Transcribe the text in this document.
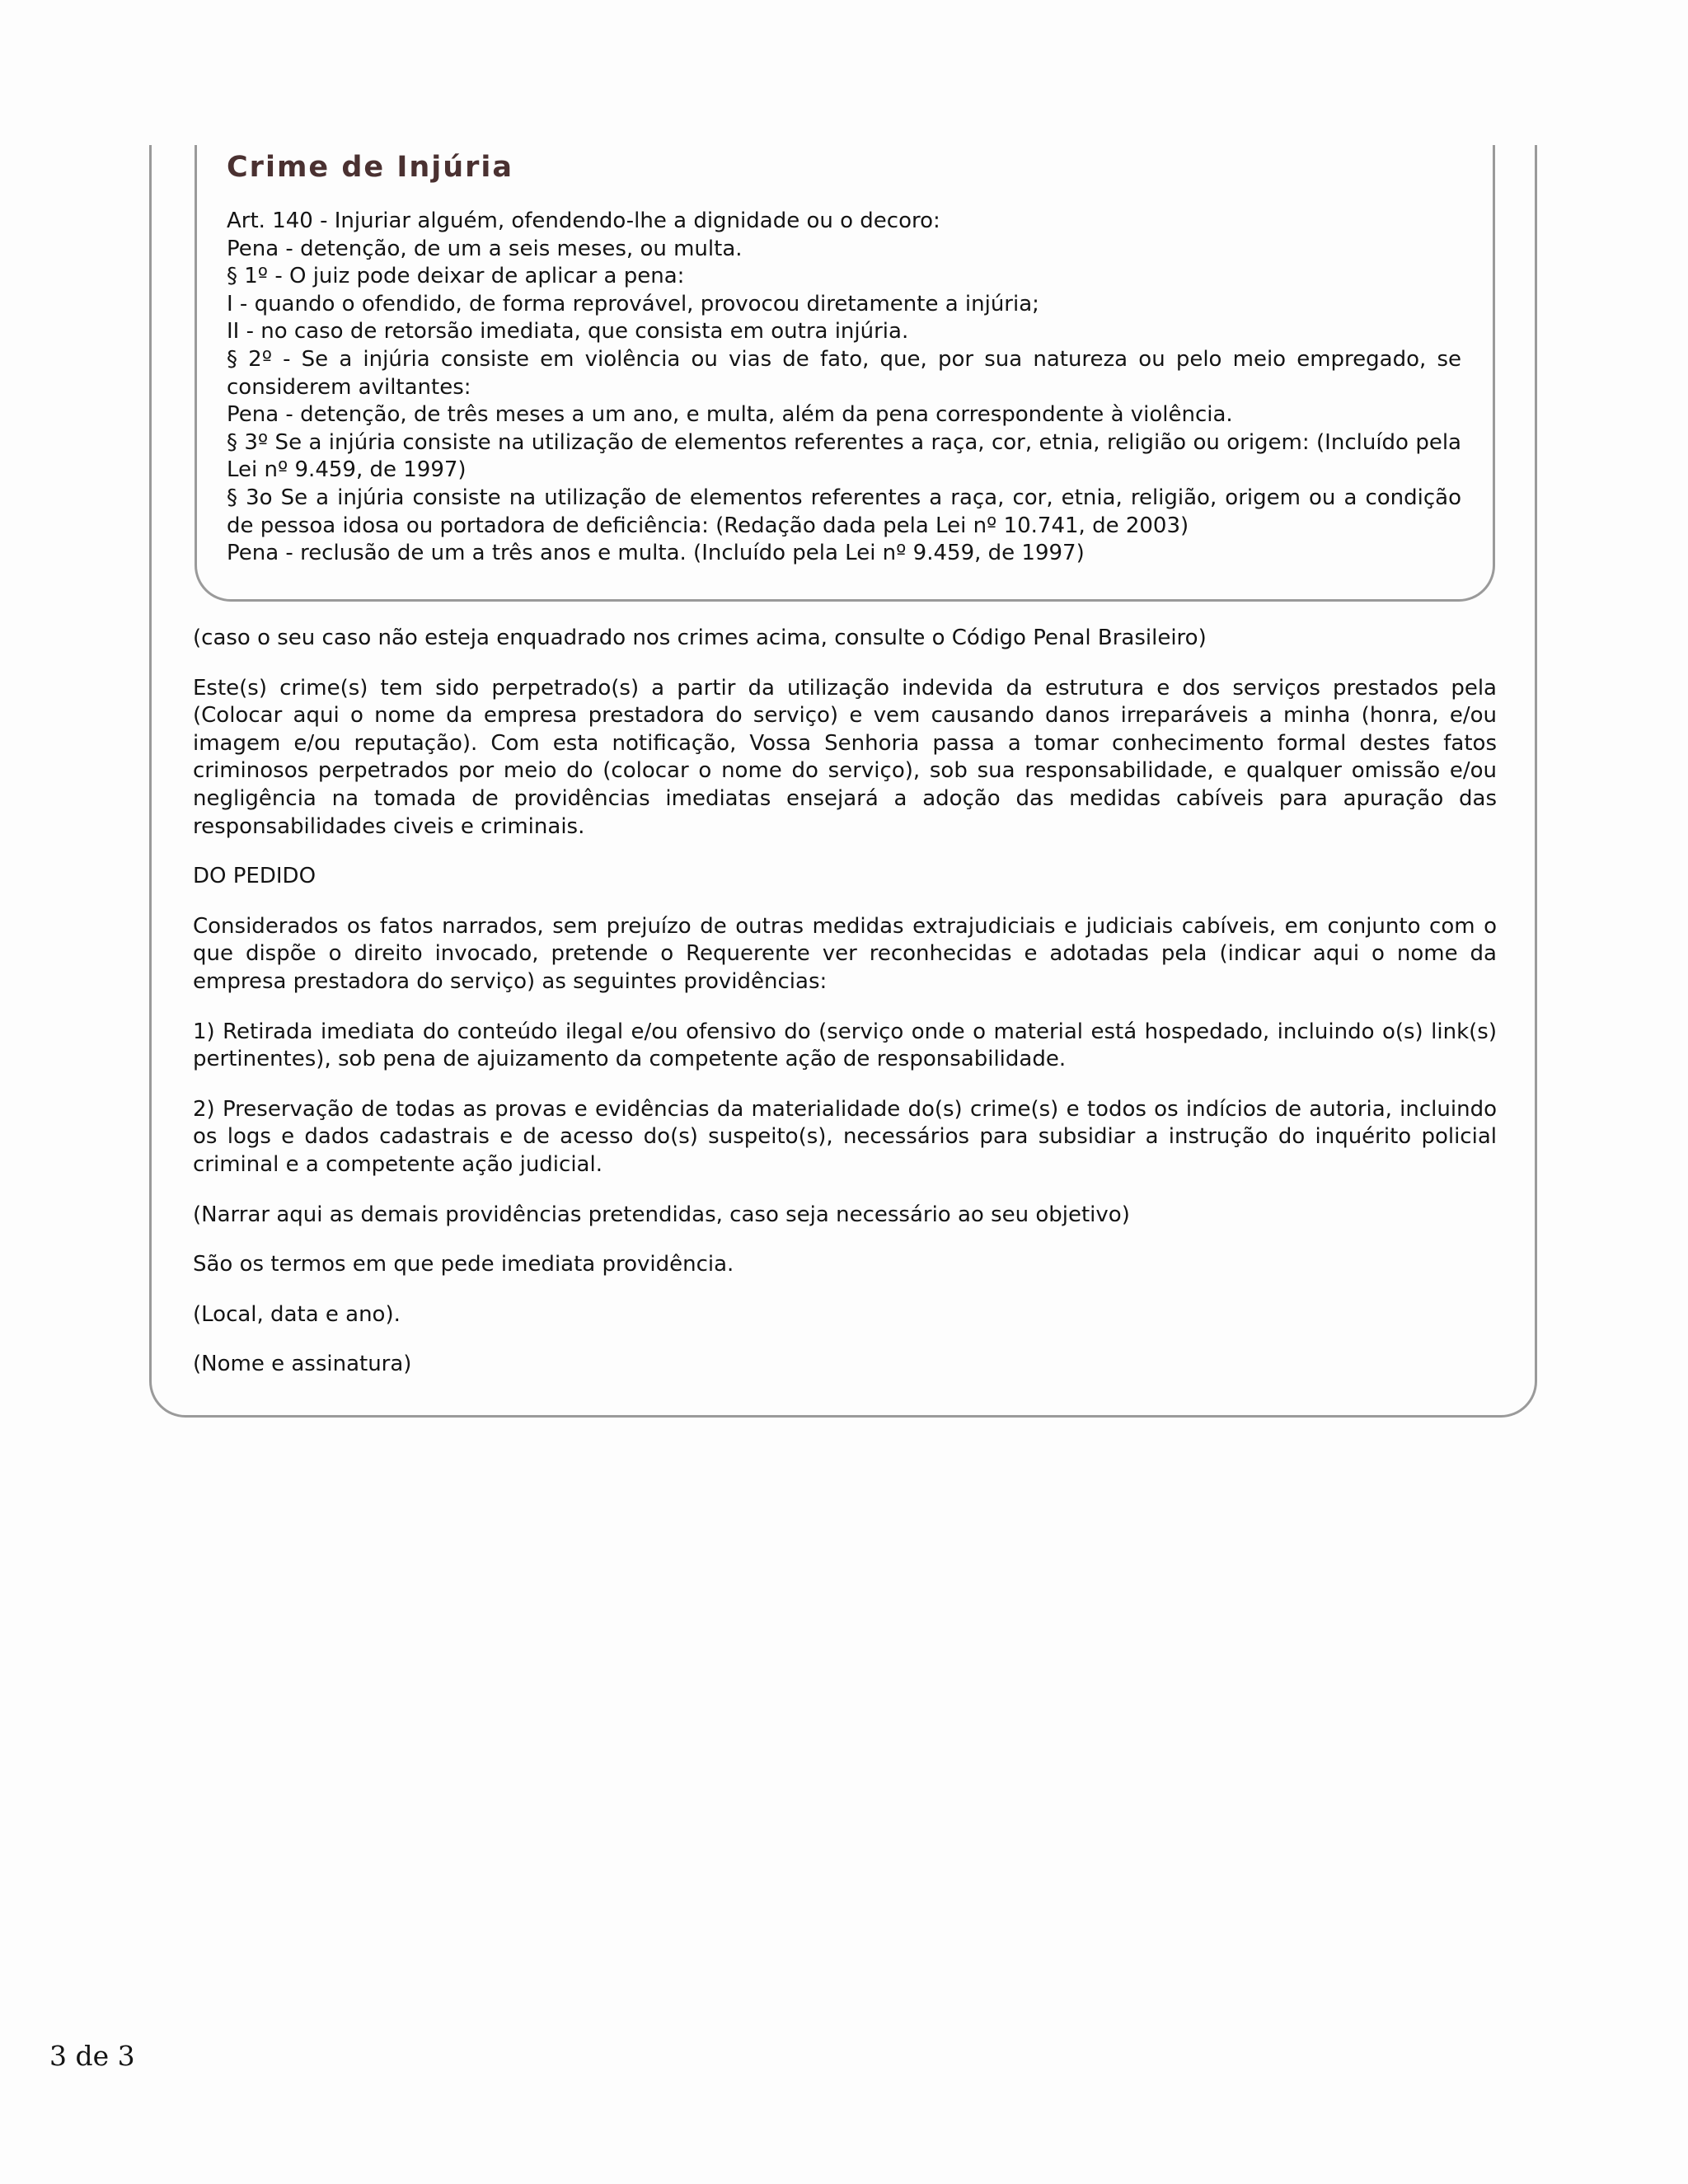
Crime de Injúria

Art. 140 - Injuriar alguém, ofendendo-lhe a dignidade ou o decoro:

Pena - detenção, de um a seis meses, ou multa.

§ 1º - O juiz pode deixar de aplicar a pena:

I - quando o ofendido, de forma reprovável, provocou diretamente a injúria;

II - no caso de retorsão imediata, que consista em outra injúria.

§ 2º - Se a injúria consiste em violência ou vias de fato, que, por sua natureza ou pelo meio empregado, se considerem aviltantes:

Pena - detenção, de três meses a um ano, e multa, além da pena correspondente à violência.

§ 3º Se a injúria consiste na utilização de elementos referentes a raça, cor, etnia, religião ou origem: (Incluído pela Lei nº 9.459, de 1997)

§ 3o Se a injúria consiste na utilização de elementos referentes a raça, cor, etnia, religião, origem ou a condição de pessoa idosa ou portadora de deficiência: (Redação dada pela Lei nº 10.741, de 2003)

Pena - reclusão de um a três anos e multa. (Incluído pela Lei nº 9.459, de 1997)

(caso o seu caso não esteja enquadrado nos crimes acima, consulte o Código Penal Brasileiro)

Este(s) crime(s) tem sido perpetrado(s) a partir da utilização indevida da estrutura e dos serviços prestados pela (Colocar aqui o nome da empresa prestadora do serviço) e vem causando danos irreparáveis a minha (honra, e/ou imagem e/ou reputação). Com esta notificação, Vossa Senhoria passa a tomar conhecimento formal destes fatos criminosos perpetrados por meio do (colocar o nome do serviço), sob sua responsabilidade, e qualquer omissão e/ou negligência na tomada de providências imediatas ensejará a adoção das medidas cabíveis para apuração das responsabilidades civeis e criminais.

DO PEDIDO

Considerados os fatos narrados, sem prejuízo de outras medidas extrajudiciais e judiciais cabíveis, em conjunto com o que dispõe o direito invocado, pretende o Requerente ver reconhecidas e adotadas pela (indicar aqui o nome da empresa prestadora do serviço) as seguintes providências:

1) Retirada imediata do conteúdo ilegal e/ou ofensivo do (serviço onde o material está hospedado, incluindo o(s) link(s) pertinentes), sob pena de ajuizamento da competente ação de responsabilidade.

2) Preservação de todas as provas e evidências da materialidade do(s) crime(s) e todos os indícios de autoria, incluindo os logs e dados cadastrais e de acesso do(s) suspeito(s), necessários para subsidiar a instrução do inquérito policial criminal e a competente ação judicial.

(Narrar aqui as demais providências pretendidas, caso seja necessário ao seu objetivo)

São os termos em que pede imediata providência.

(Local, data e ano).

(Nome e assinatura)

3 de 3
